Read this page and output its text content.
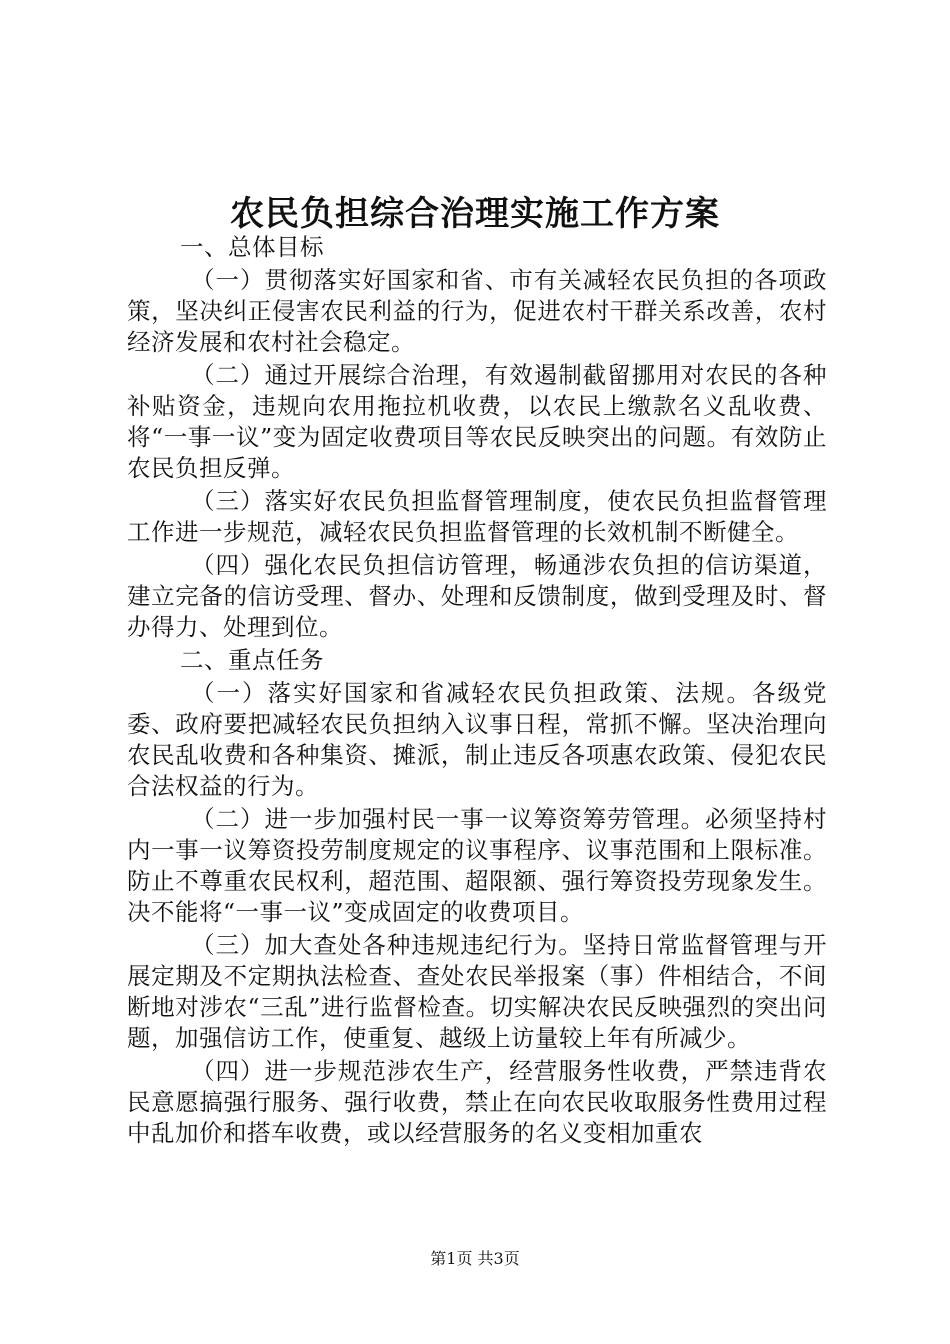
农民负担综合治理实施工作方案

一、总体目标

（一）贯彻落实好国家和省、市有关减轻农民负担的各项政策，坚决纠正侵害农民利益的行为，促进农村干群关系改善，农村经济发展和农村社会稳定。

（二）通过开展综合治理，有效遏制截留挪用对农民的各种补贴资金，违规向农用拖拉机收费，以农民上缴款名义乱收费、将“一事一议”变为固定收费项目等农民反映突出的问题。有效防止农民负担反弹。

（三）落实好农民负担监督管理制度，使农民负担监督管理工作进一步规范，减轻农民负担监督管理的长效机制不断健全。

（四）强化农民负担信访管理，畅通涉农负担的信访渠道，建立完备的信访受理、督办、处理和反馈制度，做到受理及时、督办得力、处理到位。

二、重点任务

（一）落实好国家和省减轻农民负担政策、法规。各级党委、政府要把减轻农民负担纳入议事日程，常抓不懈。坚决治理向农民乱收费和各种集资、摊派，制止违反各项惠农政策、侵犯农民合法权益的行为。

（二）进一步加强村民一事一议筹资筹劳管理。必须坚持村内一事一议筹资投劳制度规定的议事程序、议事范围和上限标准。防止不尊重农民权利，超范围、超限额、强行筹资投劳现象发生。决不能将“一事一议”变成固定的收费项目。

（三）加大查处各种违规违纪行为。坚持日常监督管理与开展定期及不定期执法检查、查处农民举报案（事）件相结合，不间断地对涉农“三乱”进行监督检查。切实解决农民反映强烈的突出问题，加强信访工作，使重复、越级上访量较上年有所减少。

（四）进一步规范涉农生产，经营服务性收费，严禁违背农民意愿搞强行服务、强行收费，禁止在向农民收取服务性费用过程中乱加价和搭车收费，或以经营服务的名义变相加重农

第1页 共3页
